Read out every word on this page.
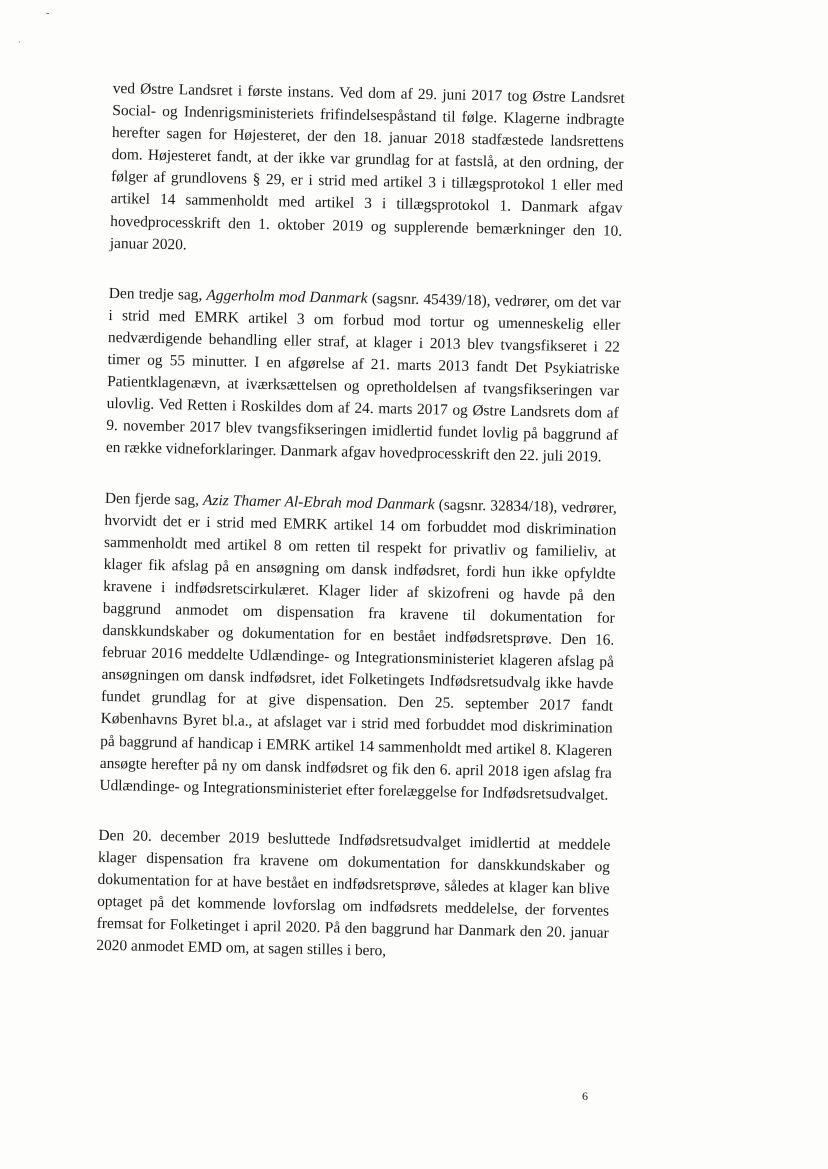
-
·

ved Østre Landsret i første instans. Ved dom af 29. juni 2017 tog Østre Landsret Social- og Indenrigsministeriets frifindelsespåstand til følge. Klagerne indbragte herefter sagen for Højesteret, der den 18. januar 2018 stadfæstede landsrettens dom. Højesteret fandt, at der ikke var grundlag for at fastslå, at den ordning, der følger af grundlovens § 29, er i strid med artikel 3 i tillægsprotokol 1 eller med artikel 14 sammenholdt med artikel 3 i tillægsprotokol 1. Danmark afgav hovedprocesskrift den 1. oktober 2019 og supplerende bemærkninger den 10. januar 2020.

Den tredje sag, Aggerholm mod Danmark (sagsnr. 45439/18), vedrører, om det var i strid med EMRK artikel 3 om forbud mod tortur og umenneskelig eller nedværdigende behandling eller straf, at klager i 2013 blev tvangsfikseret i 22 timer og 55 minutter. I en afgørelse af 21. marts 2013 fandt Det Psykiatriske Patientklagenævn, at iværksættelsen og opretholdelsen af tvangsfikseringen var ulovlig. Ved Retten i Roskildes dom af 24. marts 2017 og Østre Landsrets dom af 9. november 2017 blev tvangsfikseringen imidlertid fundet lovlig på baggrund af en række vidneforklaringer. Danmark afgav hovedprocesskrift den 22. juli 2019.

Den fjerde sag, Aziz Thamer Al-Ebrah mod Danmark (sagsnr. 32834/18), vedrører, hvorvidt det er i strid med EMRK artikel 14 om forbuddet mod diskrimination sammenholdt med artikel 8 om retten til respekt for privatliv og familieliv, at klager fik afslag på en ansøgning om dansk indfødsret, fordi hun ikke opfyldte kravene i indfødsretscirkulæret. Klager lider af skizofreni og havde på den baggrund anmodet om dispensation fra kravene til dokumentation for danskkundskaber og dokumentation for en bestået indfødsretsprøve. Den 16. februar 2016 meddelte Udlændinge- og Integrationsministeriet klageren afslag på ansøgningen om dansk indfødsret, idet Folketingets Indfødsretsudvalg ikke havde fundet grundlag for at give dispensation. Den 25. september 2017 fandt Københavns Byret bl.a., at afslaget var i strid med forbuddet mod diskrimination på baggrund af handicap i EMRK artikel 14 sammenholdt med artikel 8. Klageren ansøgte herefter på ny om dansk indfødsret og fik den 6. april 2018 igen afslag fra Udlændinge- og Integrationsministeriet efter forelæggelse for Indfødsretsudvalget.

Den 20. december 2019 besluttede Indfødsretsudvalget imidlertid at meddele klager dispensation fra kravene om dokumentation for danskkundskaber og dokumentation for at have bestået en indfødsretsprøve, således at klager kan blive optaget på det kommende lovforslag om indfødsrets meddelelse, der forventes fremsat for Folketinget i april 2020. På den baggrund har Danmark den 20. januar 2020 anmodet EMD om, at sagen stilles i bero,

6
